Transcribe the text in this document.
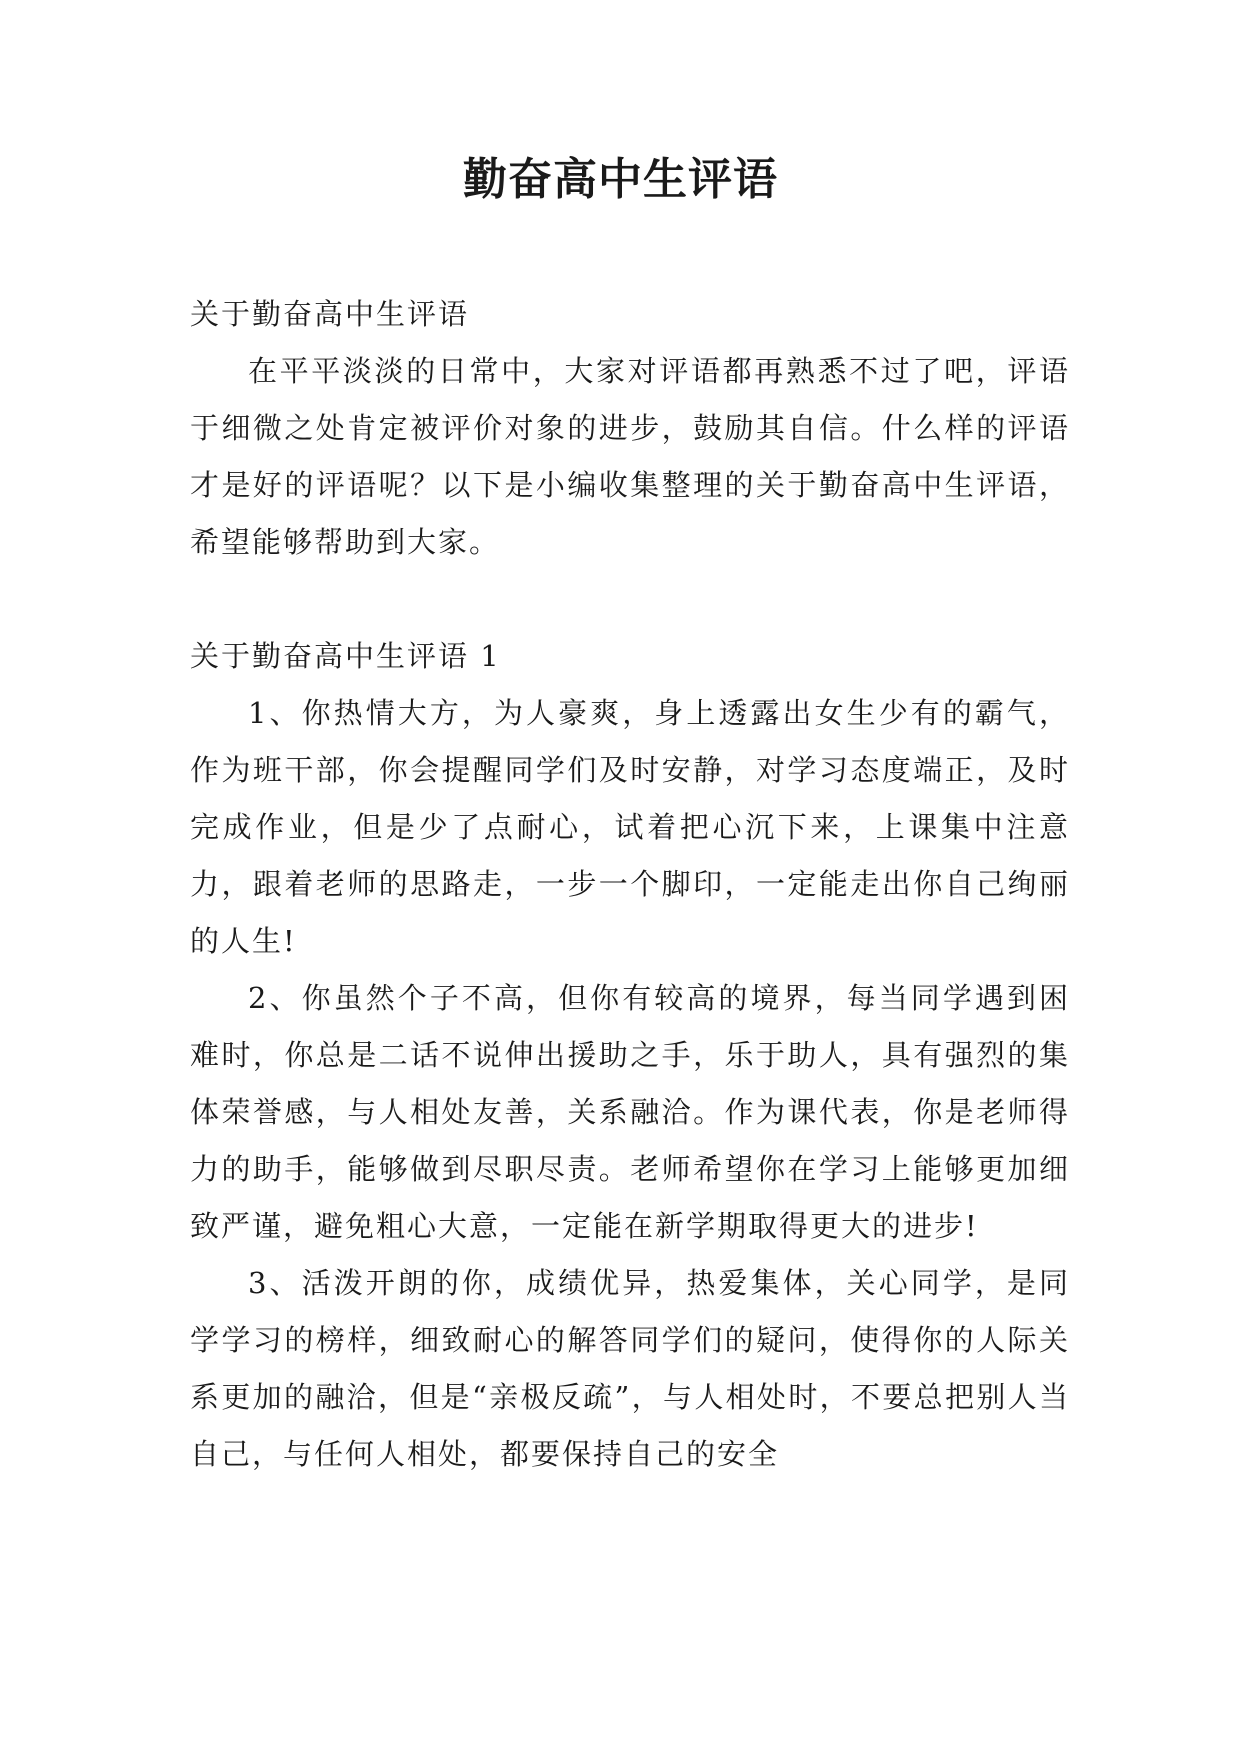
勤奋高中生评语

关于勤奋高中生评语

在平平淡淡的日常中，大家对评语都再熟悉不过了吧，评语于细微之处肯定被评价对象的进步，鼓励其自信。什么样的评语才是好的评语呢？以下是小编收集整理的关于勤奋高中生评语，希望能够帮助到大家。

关于勤奋高中生评语 1

1、你热情大方，为人豪爽，身上透露出女生少有的霸气，作为班干部，你会提醒同学们及时安静，对学习态度端正，及时完成作业，但是少了点耐心，试着把心沉下来，上课集中注意力，跟着老师的思路走，一步一个脚印，一定能走出你自己绚丽的人生!

2、你虽然个子不高，但你有较高的境界，每当同学遇到困难时，你总是二话不说伸出援助之手，乐于助人，具有强烈的集体荣誉感，与人相处友善，关系融洽。作为课代表，你是老师得力的助手，能够做到尽职尽责。老师希望你在学习上能够更加细致严谨，避免粗心大意，一定能在新学期取得更大的进步!

3、活泼开朗的你，成绩优异，热爱集体，关心同学，是同学学习的榜样，细致耐心的解答同学们的疑问，使得你的人际关系更加的融洽，但是“亲极反疏”，与人相处时，不要总把别人当自己，与任何人相处，都要保持自己的安全
